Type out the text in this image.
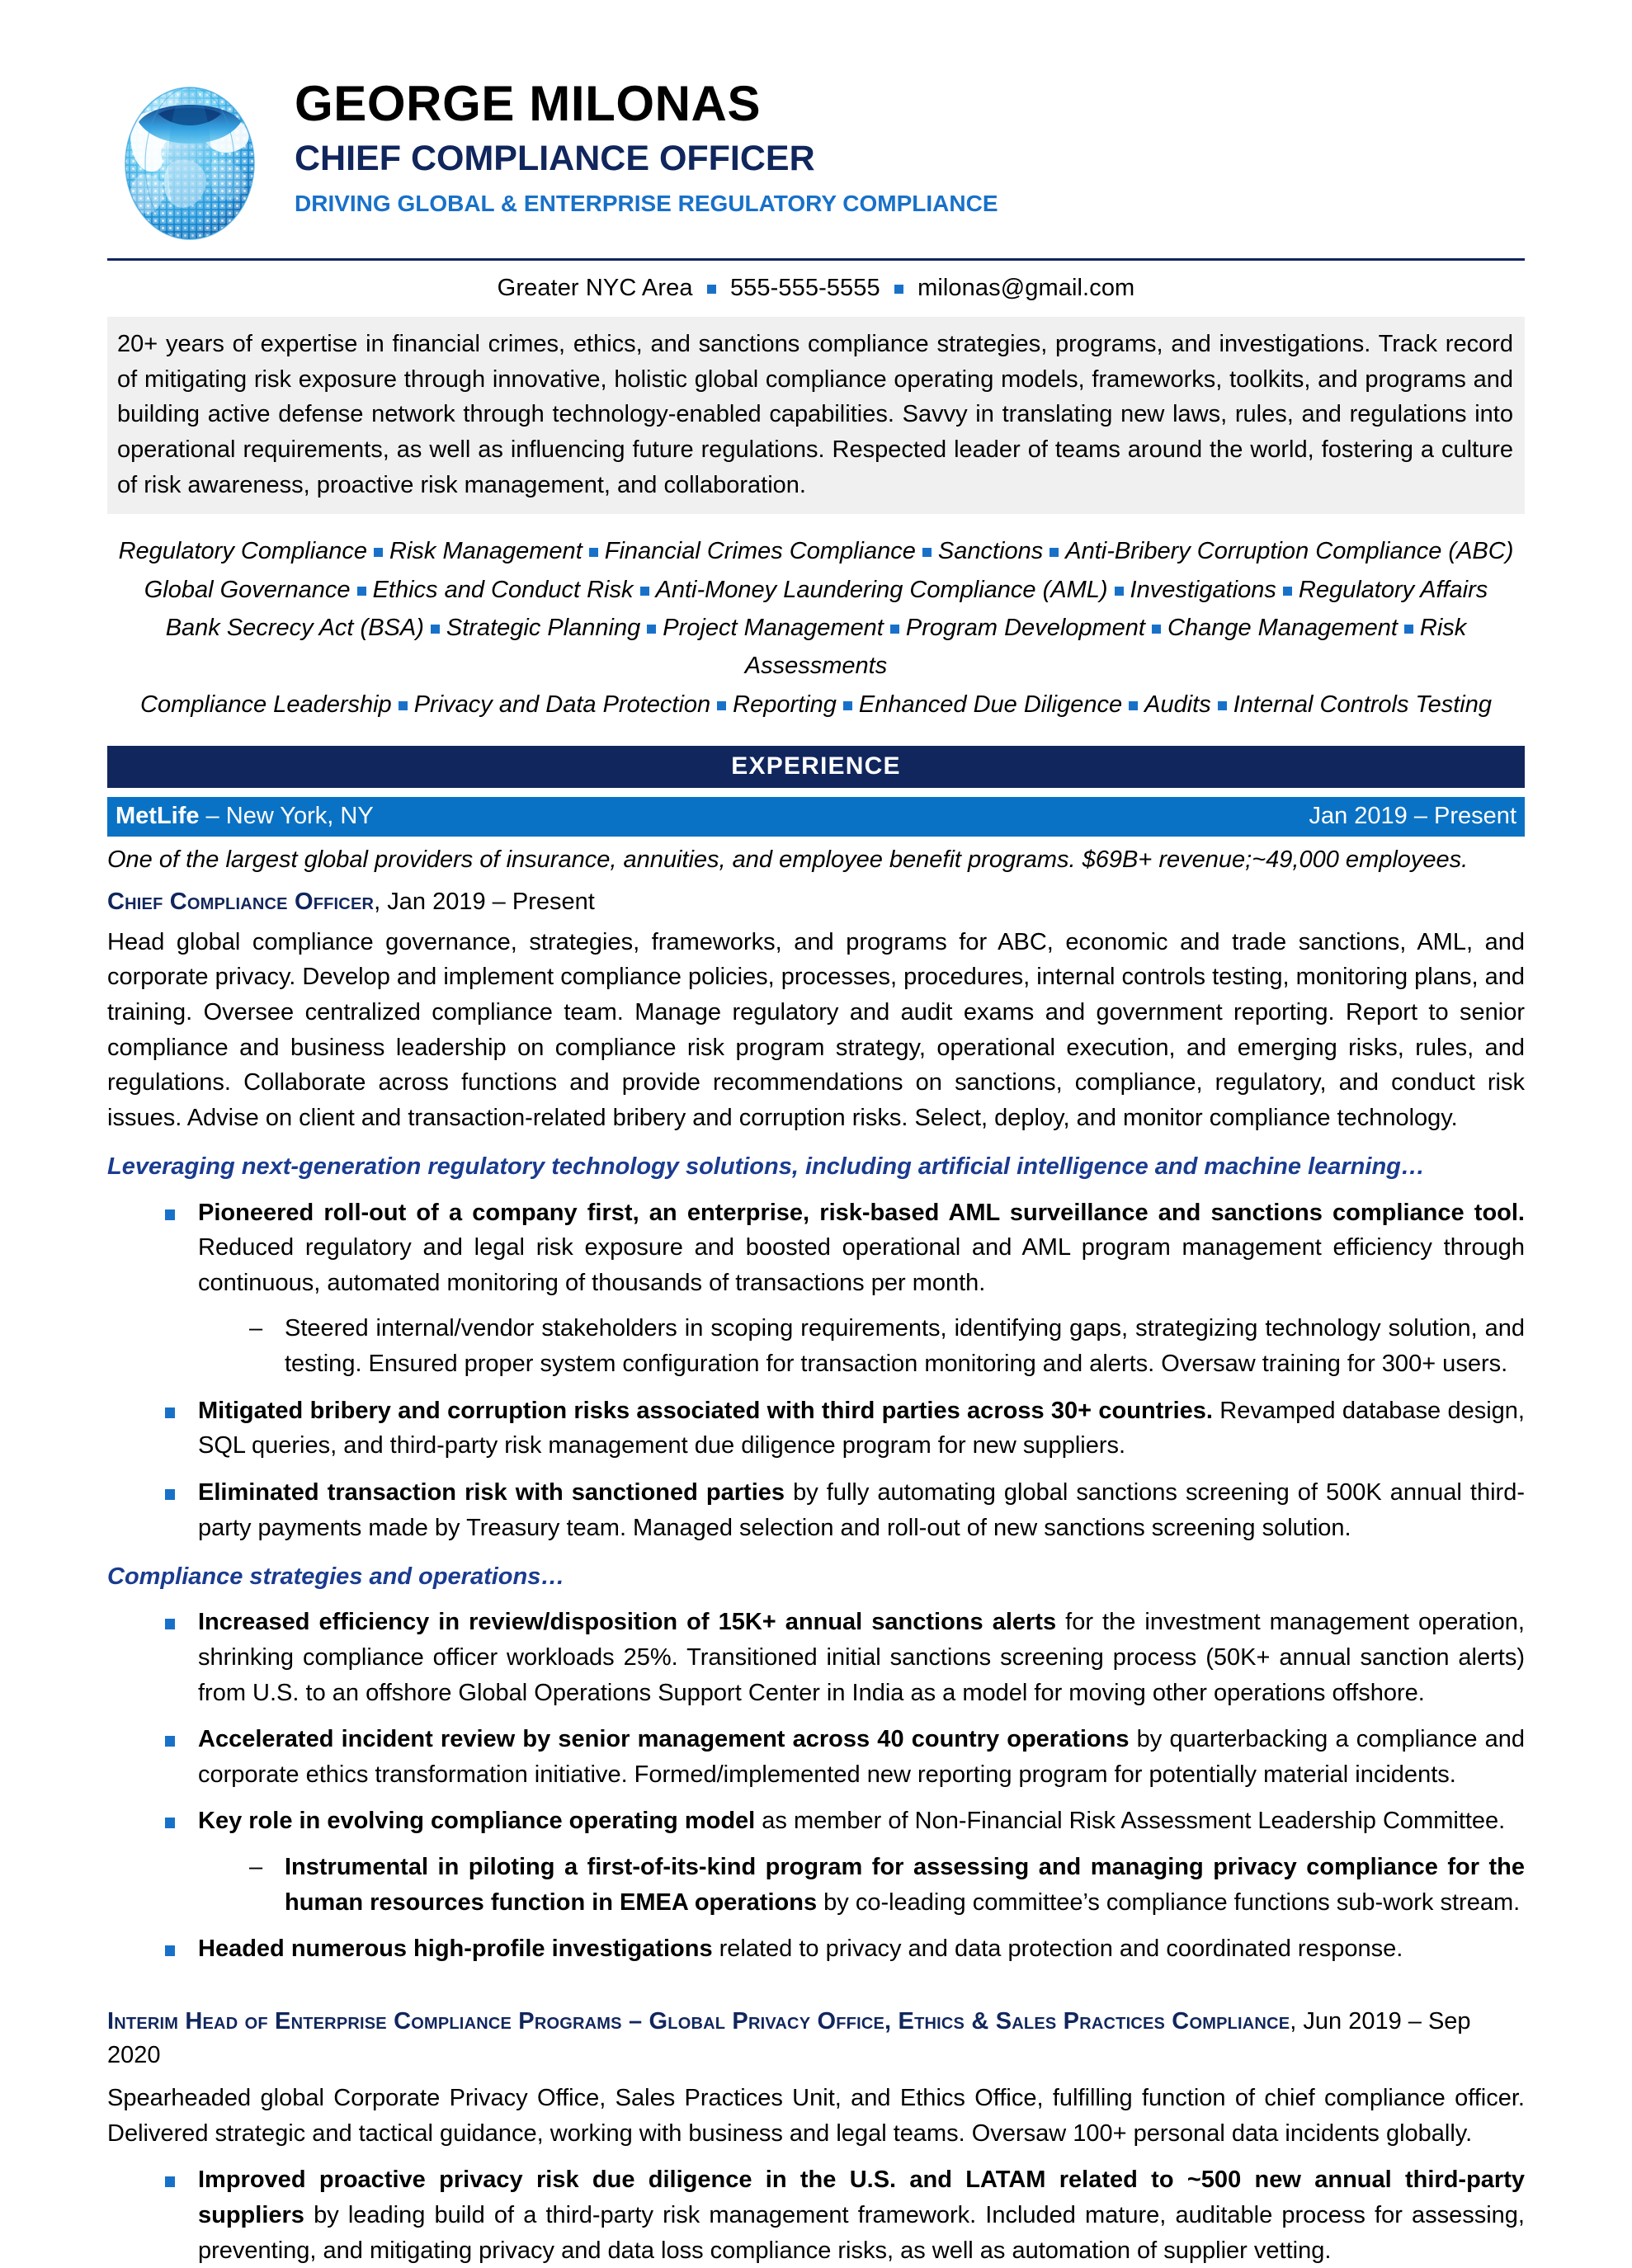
GEORGE MILONAS
CHIEF COMPLIANCE OFFICER
DRIVING GLOBAL & ENTERPRISE REGULATORY COMPLIANCE
Greater NYC Area 555-555-5555 milonas@gmail.com
20+ years of expertise in financial crimes, ethics, and sanctions compliance strategies, programs, and investigations. Track record of mitigating risk exposure through innovative, holistic global compliance operating models, frameworks, toolkits, and programs and building active defense network through technology-enabled capabilities. Savvy in translating new laws, rules, and regulations into operational requirements, as well as influencing future regulations. Respected leader of teams around the world, fostering a culture of risk awareness, proactive risk management, and collaboration.
Regulatory Compliance Risk Management Financial Crimes Compliance Sanctions Anti-Bribery Corruption Compliance (ABC)
Global Governance Ethics and Conduct Risk Anti-Money Laundering Compliance (AML) Investigations Regulatory Affairs
Bank Secrecy Act (BSA) Strategic Planning Project Management Program Development Change Management Risk Assessments
Compliance Leadership Privacy and Data Protection Reporting Enhanced Due Diligence Audits Internal Controls Testing
EXPERIENCE
MetLife – New York, NY	Jan 2019 – Present
One of the largest global providers of insurance, annuities, and employee benefit programs. $69B+ revenue;~49,000 employees.
Chief Compliance Officer, Jan 2019 – Present
Head global compliance governance, strategies, frameworks, and programs for ABC, economic and trade sanctions, AML, and corporate privacy. Develop and implement compliance policies, processes, procedures, internal controls testing, monitoring plans, and training. Oversee centralized compliance team. Manage regulatory and audit exams and government reporting. Report to senior compliance and business leadership on compliance risk program strategy, operational execution, and emerging risks, rules, and regulations. Collaborate across functions and provide recommendations on sanctions, compliance, regulatory, and conduct risk issues. Advise on client and transaction-related bribery and corruption risks. Select, deploy, and monitor compliance technology.
Leveraging next-generation regulatory technology solutions, including artificial intelligence and machine learning…
Pioneered roll-out of a company first, an enterprise, risk-based AML surveillance and sanctions compliance tool. Reduced regulatory and legal risk exposure and boosted operational and AML program management efficiency through continuous, automated monitoring of thousands of transactions per month.
– Steered internal/vendor stakeholders in scoping requirements, identifying gaps, strategizing technology solution, and testing. Ensured proper system configuration for transaction monitoring and alerts. Oversaw training for 300+ users.
Mitigated bribery and corruption risks associated with third parties across 30+ countries. Revamped database design, SQL queries, and third-party risk management due diligence program for new suppliers.
Eliminated transaction risk with sanctioned parties by fully automating global sanctions screening of 500K annual third-party payments made by Treasury team. Managed selection and roll-out of new sanctions screening solution.
Compliance strategies and operations…
Increased efficiency in review/disposition of 15K+ annual sanctions alerts for the investment management operation, shrinking compliance officer workloads 25%. Transitioned initial sanctions screening process (50K+ annual sanction alerts) from U.S. to an offshore Global Operations Support Center in India as a model for moving other operations offshore.
Accelerated incident review by senior management across 40 country operations by quarterbacking a compliance and corporate ethics transformation initiative. Formed/implemented new reporting program for potentially material incidents.
Key role in evolving compliance operating model as member of Non-Financial Risk Assessment Leadership Committee.
– Instrumental in piloting a first-of-its-kind program for assessing and managing privacy compliance for the human resources function in EMEA operations by co-leading committee’s compliance functions sub-work stream.
Headed numerous high-profile investigations related to privacy and data protection and coordinated response.
Interim Head of Enterprise Compliance Programs – Global Privacy Office, Ethics & Sales Practices Compliance, Jun 2019 – Sep 2020
Spearheaded global Corporate Privacy Office, Sales Practices Unit, and Ethics Office, fulfilling function of chief compliance officer. Delivered strategic and tactical guidance, working with business and legal teams. Oversaw 100+ personal data incidents globally.
Improved proactive privacy risk due diligence in the U.S. and LATAM related to ~500 new annual third-party suppliers by leading build of a third-party risk management framework. Included mature, auditable process for assessing, preventing, and mitigating privacy and data loss compliance risks, as well as automation of supplier vetting.
